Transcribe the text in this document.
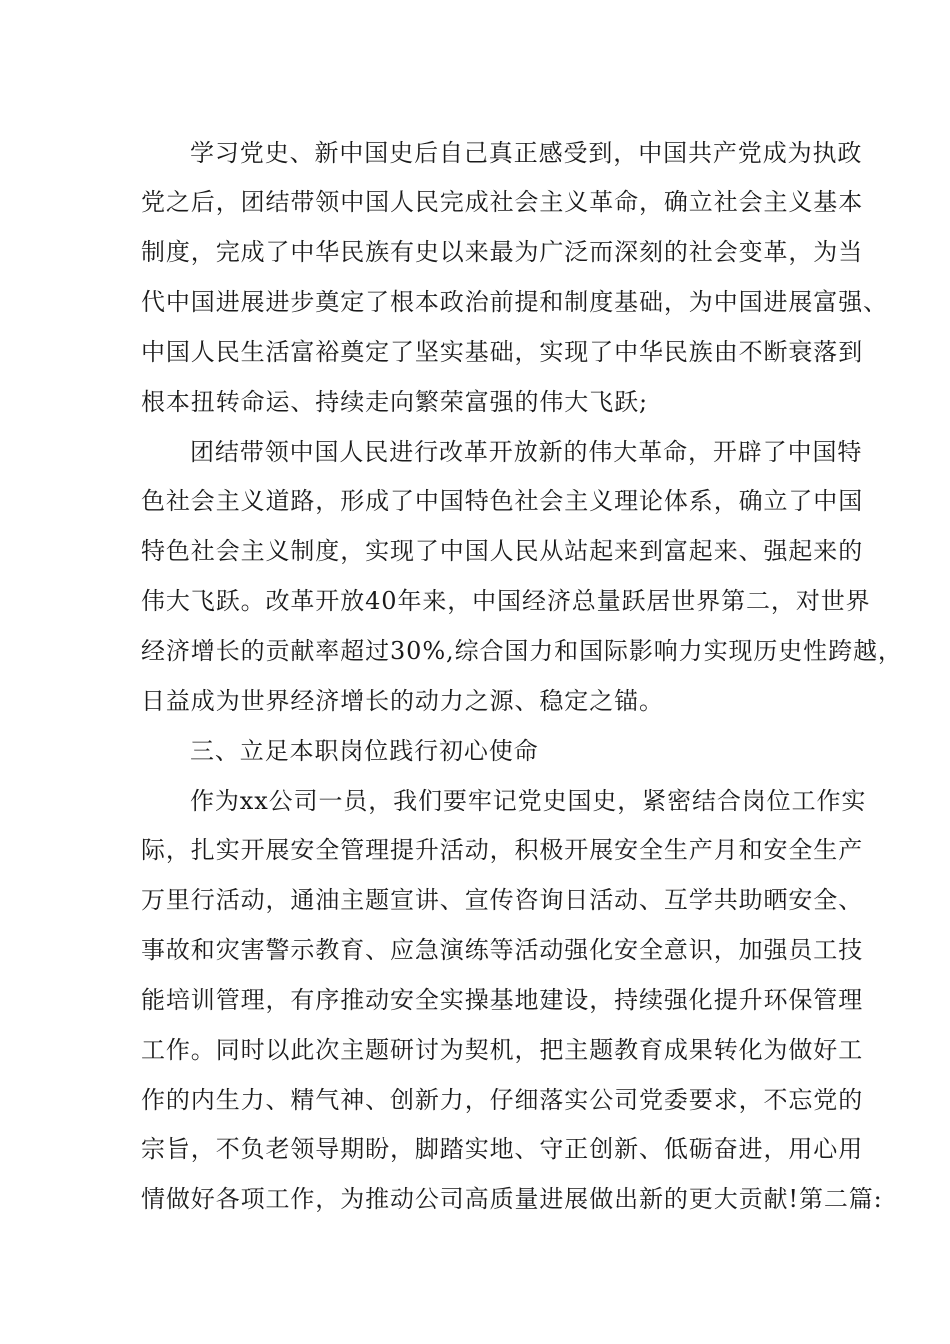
学习党史、新中国史后自己真正感受到，中国共产党成为执政
党之后，团结带领中国人民完成社会主义革命，确立社会主义基本
制度，完成了中华民族有史以来最为广泛而深刻的社会变革，为当
代中国进展进步奠定了根本政治前提和制度基础，为中国进展富强、
中国人民生活富裕奠定了坚实基础，实现了中华民族由不断衰落到
根本扭转命运、持续走向繁荣富强的伟大飞跃;
团结带领中国人民进行改革开放新的伟大革命，开辟了中国特
色社会主义道路，形成了中国特色社会主义理论体系，确立了中国
特色社会主义制度，实现了中国人民从站起来到富起来、强起来的
伟大飞跃。改革开放40年来，中国经济总量跃居世界第二，对世界
经济增长的贡献率超过30%,综合国力和国际影响力实现历史性跨越，
日益成为世界经济增长的动力之源、稳定之锚。
三、立足本职岗位践行初心使命
作为xx公司一员，我们要牢记党史国史，紧密结合岗位工作实
际，扎实开展安全管理提升活动，积极开展安全生产月和安全生产
万里行活动，通油主题宣讲、宣传咨询日活动、互学共助晒安全、
事故和灾害警示教育、应急演练等活动强化安全意识，加强员工技
能培训管理，有序推动安全实操基地建设，持续强化提升环保管理
工作。同时以此次主题研讨为契机，把主题教育成果转化为做好工
作的内生力、精气神、创新力，仔细落实公司党委要求，不忘党的
宗旨，不负老领导期盼，脚踏实地、守正创新、低砺奋进，用心用
情做好各项工作，为推动公司高质量进展做出新的更大贡献!第二篇:
